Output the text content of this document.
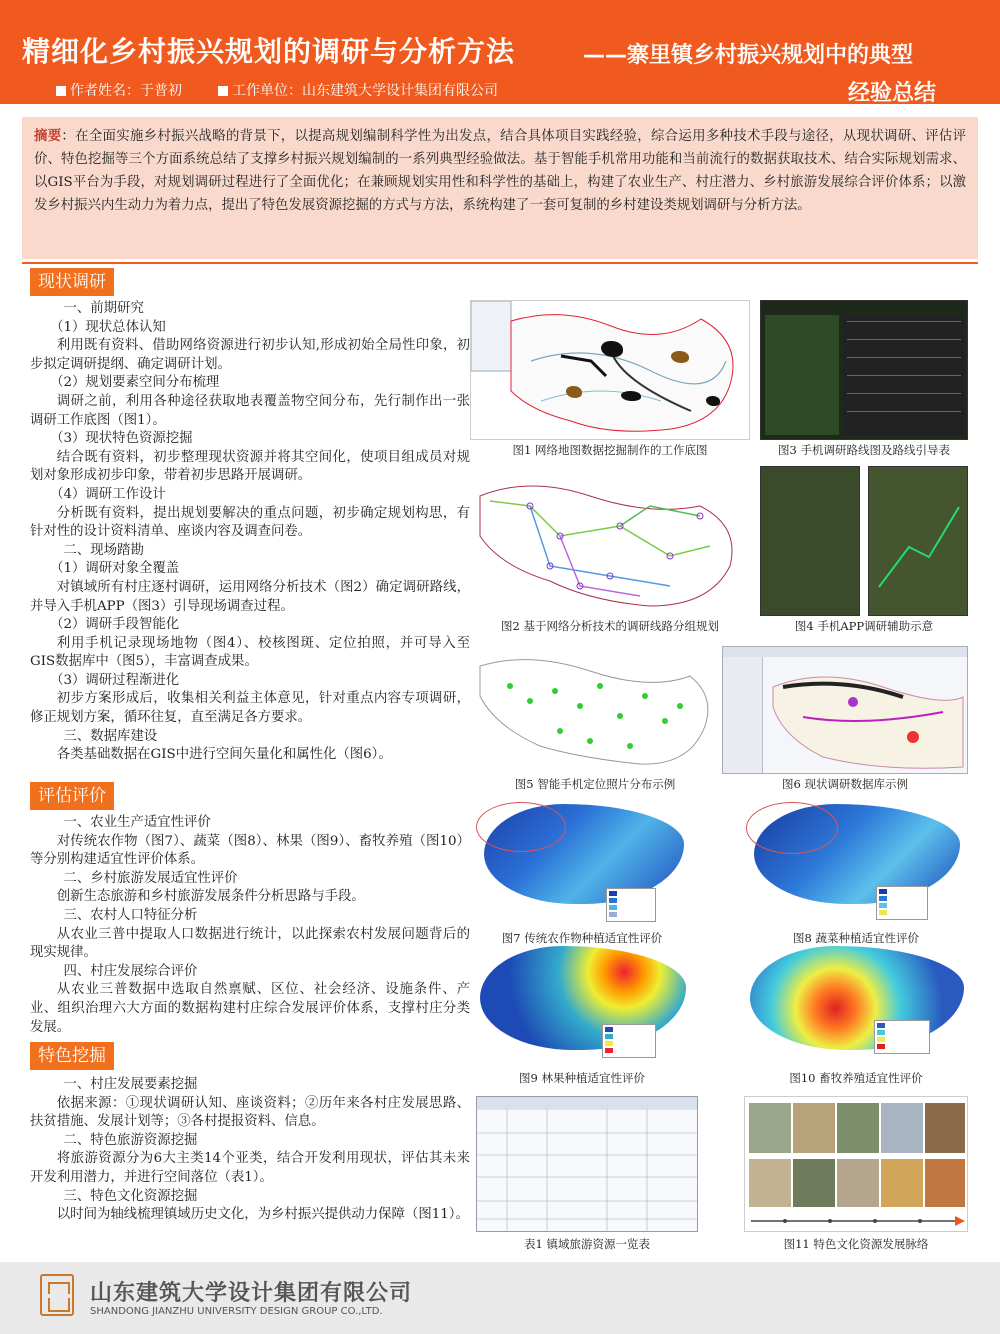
精细化乡村振兴规划的调研与分析方法	——寨里镇乡村振兴规划中的典型
经验总结
作者姓名：于普初	工作单位：山东建筑大学设计集团有限公司
摘要：在全面实施乡村振兴战略的背景下，以提高规划编制科学性为出发点，结合具体项目实践经验，综合运用多种技术手段与途径，从现状调研、评估评价、特色挖掘等三个方面系统总结了支撑乡村振兴规划编制的一系列典型经验做法。基于智能手机常用功能和当前流行的数据获取技术、结合实际规划需求、以GIS平台为手段，对规划调研过程进行了全面优化；在兼顾规划实用性和科学性的基础上，构建了农业生产、村庄潜力、乡村旅游发展综合评价体系；以激发乡村振兴内生动力为着力点，提出了特色发展资源挖掘的方式与方法，系统构建了一套可复制的乡村建设类规划调研与分析方法。
现状调研

一、前期研究

（1）现状总体认知

利用既有资料、借助网络资源进行初步认知,形成初始全局性印象，初步拟定调研提纲、确定调研计划。

（2）规划要素空间分布梳理

调研之前，利用各种途径获取地表覆盖物空间分布，先行制作出一张调研工作底图（图1）。

（3）现状特色资源挖掘

结合既有资料，初步整理现状资源并将其空间化，使项目组成员对规划对象形成初步印象，带着初步思路开展调研。

（4）调研工作设计

分析既有资料，提出规划要解决的重点问题，初步确定规划构思，有针对性的设计资料清单、座谈内容及调查问卷。

二、现场踏勘

（1）调研对象全覆盖

对镇域所有村庄逐村调研，运用网络分析技术（图2）确定调研路线，并导入手机APP（图3）引导现场调查过程。

（2）调研手段智能化

利用手机记录现场地物（图4）、校核图斑、定位拍照，并可导入至GIS数据库中（图5），丰富调查成果。

（3）调研过程渐进化

初步方案形成后，收集相关利益主体意见，针对重点内容专项调研，修正规划方案，循环往复，直至满足各方要求。

三、数据库建设

各类基础数据在GIS中进行空间矢量化和属性化（图6）。

评估评价

一、农业生产适宜性评价

对传统农作物（图7）、蔬菜（图8）、林果（图9）、畜牧养殖（图10）等分别构建适宜性评价体系。

二、乡村旅游发展适宜性评价

创新生态旅游和乡村旅游发展条件分析思路与手段。

三、农村人口特征分析

从农业三普中提取人口数据进行统计，以此探索农村发展问题背后的现实规律。

四、村庄发展综合评价

从农业三普数据中选取自然禀赋、区位、社会经济、设施条件、产业、组织治理六大方面的数据构建村庄综合发展评价体系，支撑村庄分类发展。

特色挖掘

一、村庄发展要素挖掘

依据来源：①现状调研认知、座谈资料；②历年来各村庄发展思路、扶贫措施、发展计划等；③各村提报资料、信息。

二、特色旅游资源挖掘

将旅游资源分为6大主类14个亚类，结合开发利用现状，评估其未来开发利用潜力，并进行空间落位（表1）。

三、特色文化资源挖掘

以时间为轴线梳理镇域历史文化，为乡村振兴提供动力保障（图11）。

图1 网络地图数据挖掘制作的工作底图	图3 手机调研路线图及路线引导表
图2 基于网络分析技术的调研线路分组规划	图4 手机APP调研辅助示意
图5 智能手机定位照片分布示例	图6 现状调研数据库示例
图7 传统农作物种植适宜性评价	图8 蔬菜种植适宜性评价
图9 林果种植适宜性评价	图10 畜牧养殖适宜性评价
表1 镇域旅游资源一览表	图11 特色文化资源发展脉络
山东建筑大学设计集团有限公司
SHANDONG JIANZHU UNIVERSITY DESIGN GROUP CO.,LTD.
